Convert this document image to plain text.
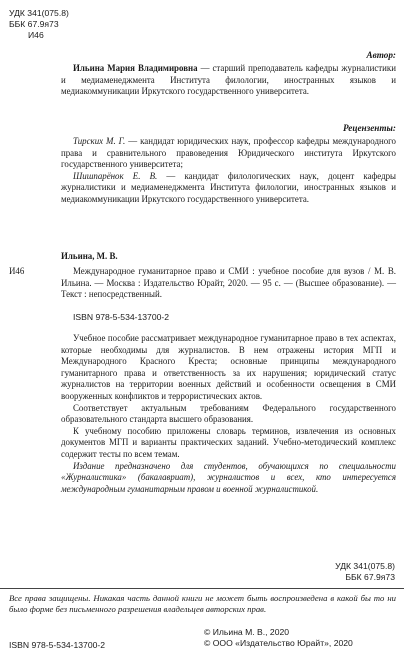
УДК 341(075.8)
ББК 67.9я73
И46
Автор:

Ильина Мария Владимировна — старший преподаватель кафедры журналистики и медиаменеджмента Института филологии, иностранных языков и медиакоммуникации Иркутского государственного университета.

Рецензенты:

Тирских М. Г. — кандидат юридических наук, профессор кафедры международного права и сравнительного правоведения Юридического института Иркутского государственного университета;

Шишпарёнок Е. В. — кандидат филологических наук, доцент кафедры журналистики и медиаменеджмента Института филологии, иностранных языков и медиакоммуникации Иркутского государственного университета.

И46
Ильина, М. В.
Международное гуманитарное право и СМИ : учебное пособие для вузов / М. В. Ильина. — Москва : Издательство Юрайт, 2020. — 95 с. — (Высшее образование). — Текст : непосредственный.
ISBN 978-5-534-13700-2

Учебное пособие рассматривает международное гуманитарное право в тех аспектах, которые необходимы для журналистов. В нем отражены история МГП и Международного Красного Креста; основные принципы международного гуманитарного права и ответственность за их нарушения; юридический статус журналистов на территории военных действий и особенности освещения в СМИ вооруженных конфликтов и террористических актов.

Соответствует актуальным требованиям Федерального государственного образовательного стандарта высшего образования.

К учебному пособию приложены словарь терминов, извлечения из основных документов МГП и варианты практических заданий. Учебно-методический комплекс содержит тесты по всем темам.

Издание предназначено для студентов, обучающихся по специальности «Журналистика» (бакалавриат), журналистов и всех, кто интересуется международным гуманитарным правом и военной журналистикой.

УДК 341(075.8)
ББК 67.9я73
Все права защищены. Никакая часть данной книги не может быть воспроизведена в какой бы то ни было форме без письменного разрешения владельцев авторских прав.
© Ильина М. В., 2020
© ООО «Издательство Юрайт», 2020
ISBN 978-5-534-13700-2
